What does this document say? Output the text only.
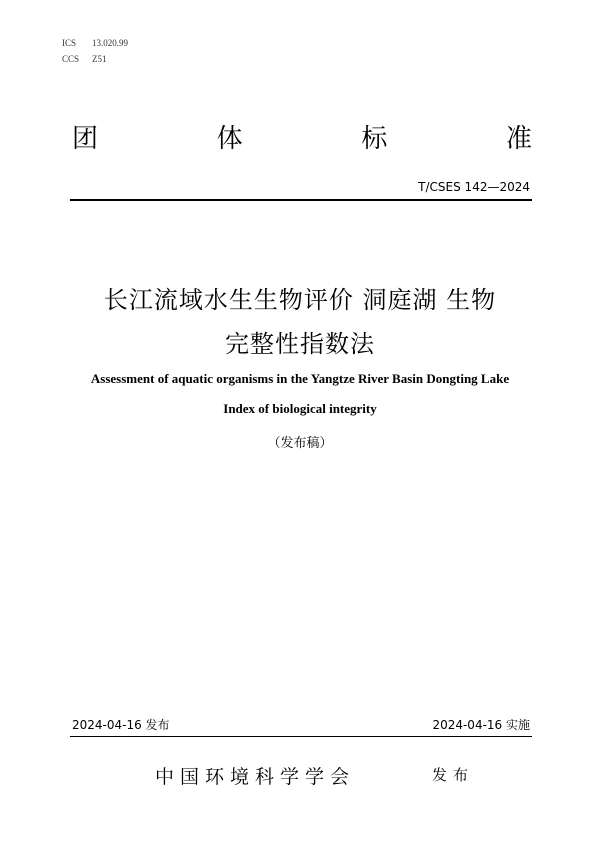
ICS 13.020.99
CCS Z51
团	体	标	准
T/CSES 142—2024
长江流域水生生物评价 洞庭湖 生物
完整性指数法
Assessment of aquatic organisms in the Yangtze River Basin Dongting Lake
Index of biological integrity
（发布稿）
2024-04-16 发布	2024-04-16 实施
中国环境科学学会	发布
